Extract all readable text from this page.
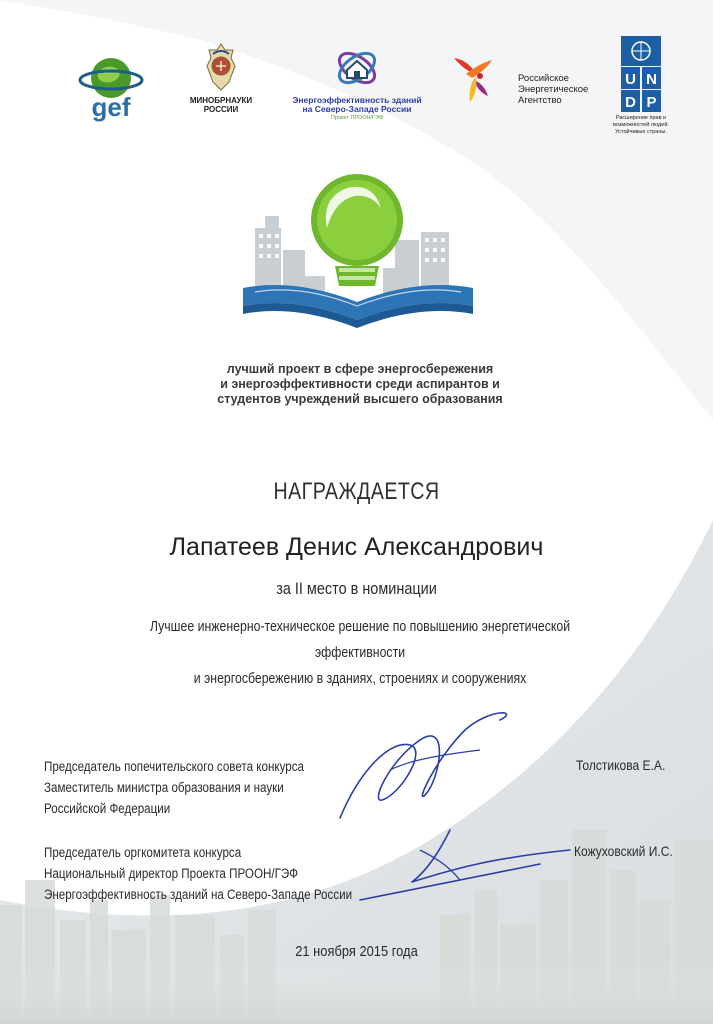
gef	МИНОБРНАУКИ
РОССИИ
Энергоэффективность зданий
на Северо-Западе России
Проект ПРООН/ГЭФ
Российское
Энергетическое
Агентство
U N
D P
Расширение прав и возможностей людей.
Устойчивые страны.
лучший проект в сфере энергосбережения
и энергоэффективности среди аспирантов и
студентов учреждений высшего образования
НАГРАЖДАЕТСЯ
Лапатеев Денис Александрович
за II место в номинации
Лучшее инженерно-техническое решение по повышению энергетической эффективности
и энергосбережению в зданиях, строениях и сооружениях
Председатель попечительского совета конкурса
Заместитель министра образования и науки
Российской Федерации
Толстикова Е.А.
Председатель оргкомитета конкурса
Национальный директор Проекта ПРООН/ГЭФ
Энергоэффективность зданий на Северо-Западе России
Кожуховский И.С.
21 ноября 2015 года
